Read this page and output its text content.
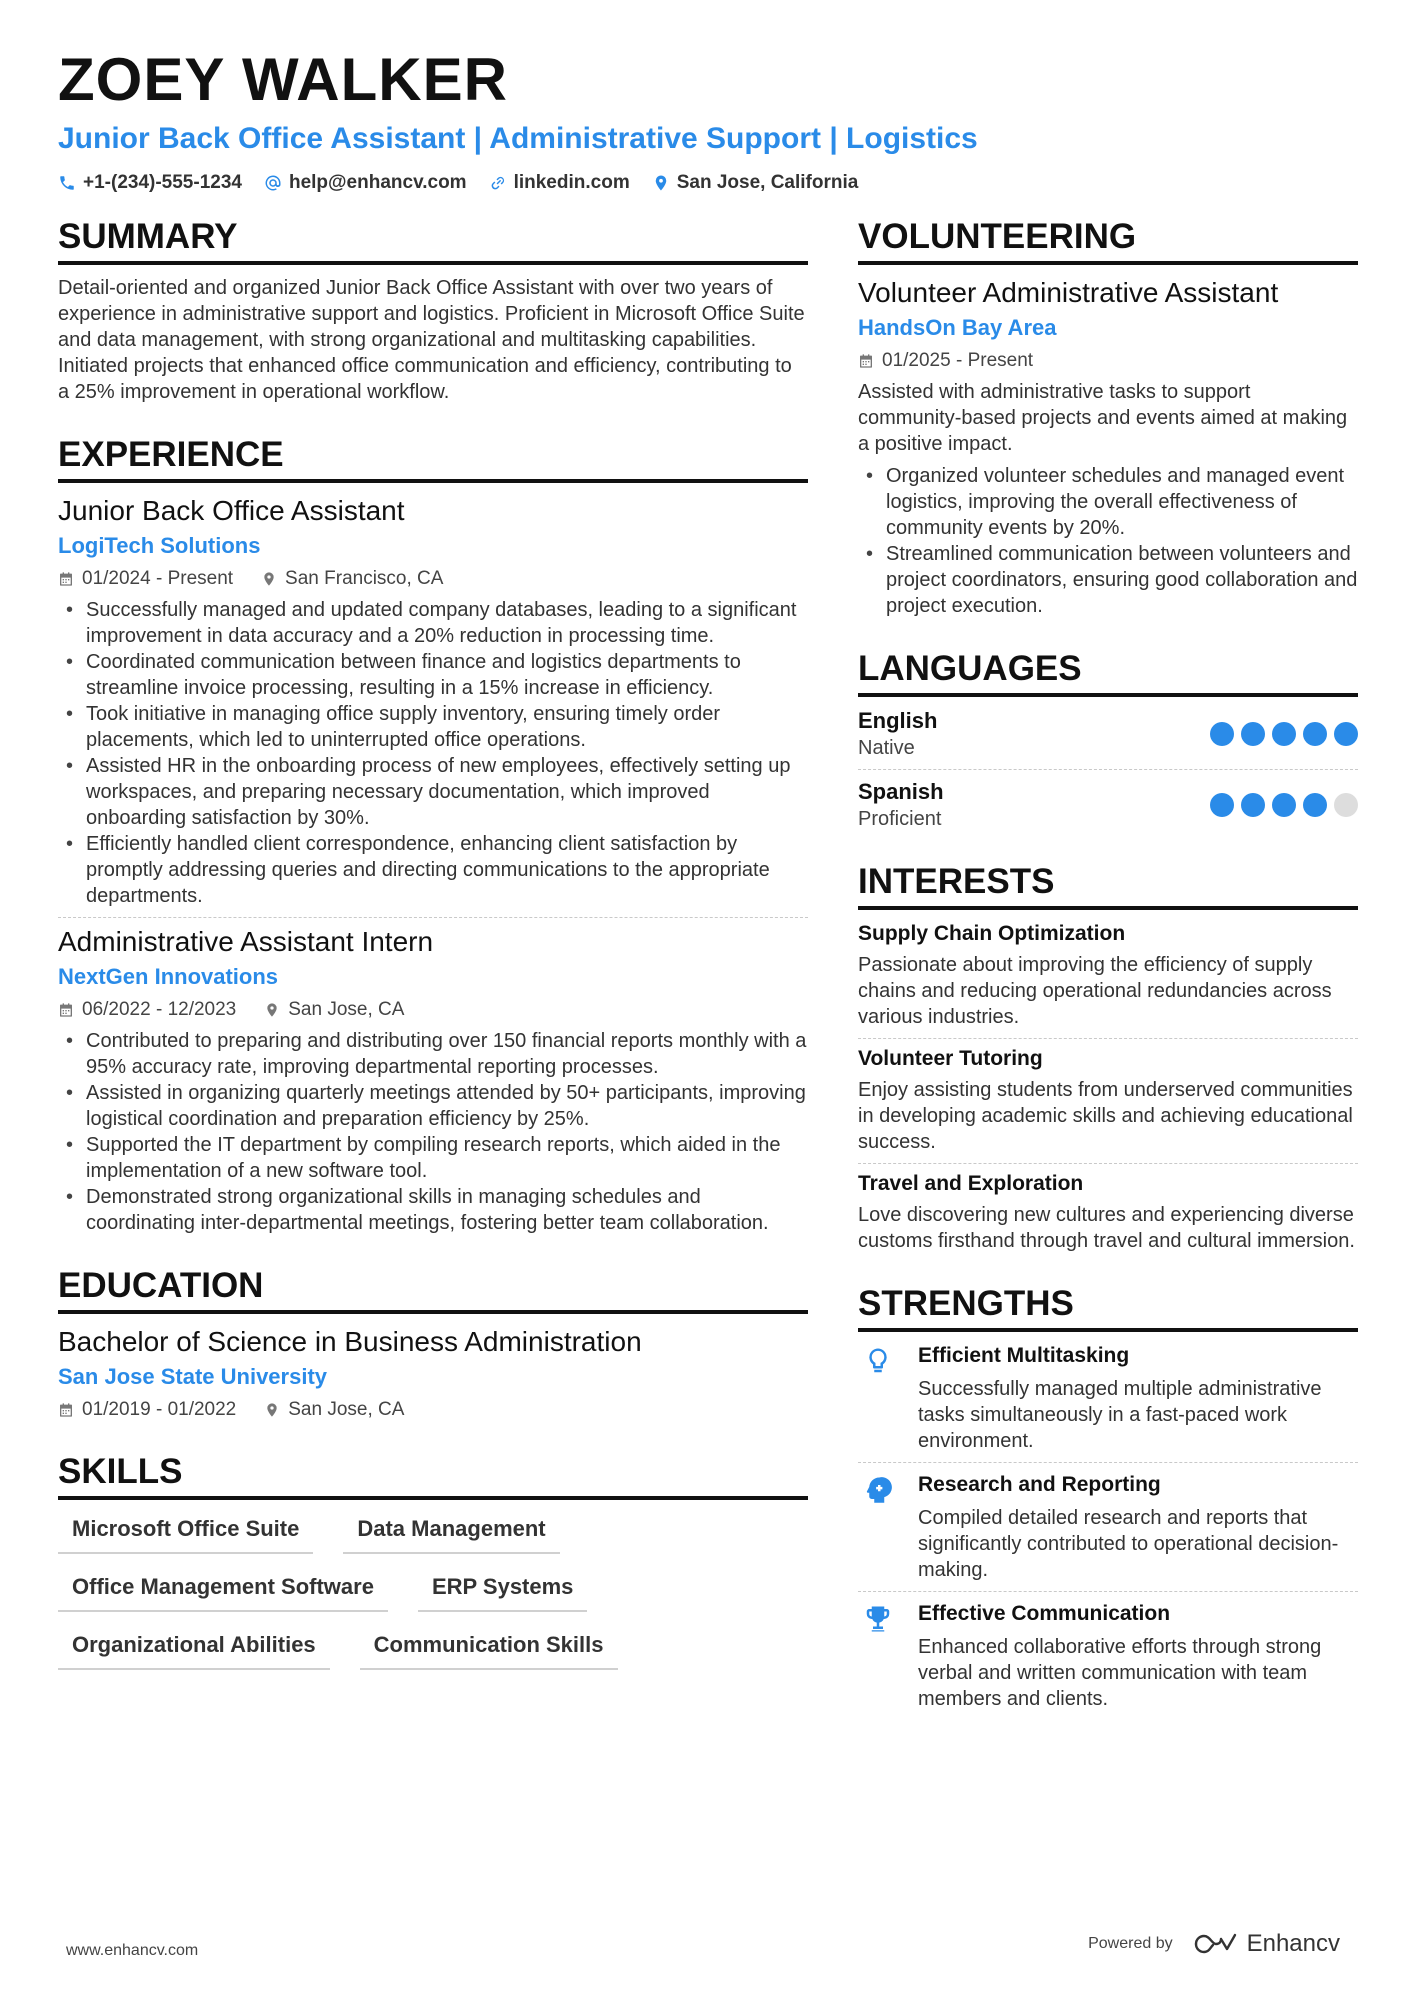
ZOEY WALKER
Junior Back Office Assistant | Administrative Support | Logistics
+1-(234)-555-1234 help@enhancv.com linkedin.com San Jose, California
SUMMARY
Detail-oriented and organized Junior Back Office Assistant with over two years of experience in administrative support and logistics. Proficient in Microsoft Office Suite and data management, with strong organizational and multitasking capabilities. Initiated projects that enhanced office communication and efficiency, contributing to a 25% improvement in operational workflow.
EXPERIENCE
Junior Back Office Assistant
LogiTech Solutions
01/2024 - Present	San Francisco, CA
• Successfully managed and updated company databases, leading to a significant improvement in data accuracy and a 20% reduction in processing time.
• Coordinated communication between finance and logistics departments to streamline invoice processing, resulting in a 15% increase in efficiency.
• Took initiative in managing office supply inventory, ensuring timely order placements, which led to uninterrupted office operations.
• Assisted HR in the onboarding process of new employees, effectively setting up workspaces, and preparing necessary documentation, which improved onboarding satisfaction by 30%.
• Efficiently handled client correspondence, enhancing client satisfaction by promptly addressing queries and directing communications to the appropriate departments.
Administrative Assistant Intern
NextGen Innovations
06/2022 - 12/2023	San Jose, CA
• Contributed to preparing and distributing over 150 financial reports monthly with a 95% accuracy rate, improving departmental reporting processes.
• Assisted in organizing quarterly meetings attended by 50+ participants, improving logistical coordination and preparation efficiency by 25%.
• Supported the IT department by compiling research reports, which aided in the implementation of a new software tool.
• Demonstrated strong organizational skills in managing schedules and coordinating inter-departmental meetings, fostering better team collaboration.
EDUCATION
Bachelor of Science in Business Administration
San Jose State University
01/2019 - 01/2022	San Jose, CA
SKILLS
Microsoft Office Suite	Data Management
Office Management Software	ERP Systems
Organizational Abilities	Communication Skills
VOLUNTEERING
Volunteer Administrative Assistant
HandsOn Bay Area
01/2025 - Present
Assisted with administrative tasks to support community-based projects and events aimed at making a positive impact.
• Organized volunteer schedules and managed event logistics, improving the overall effectiveness of community events by 20%.
• Streamlined communication between volunteers and project coordinators, ensuring good collaboration and project execution.
LANGUAGES
English
Native
Spanish
Proficient
INTERESTS
Supply Chain Optimization
Passionate about improving the efficiency of supply chains and reducing operational redundancies across various industries.
Volunteer Tutoring
Enjoy assisting students from underserved communities in developing academic skills and achieving educational success.
Travel and Exploration
Love discovering new cultures and experiencing diverse customs firsthand through travel and cultural immersion.
STRENGTHS
Efficient Multitasking
Successfully managed multiple administrative tasks simultaneously in a fast-paced work environment.
Research and Reporting
Compiled detailed research and reports that significantly contributed to operational decision-making.
Effective Communication
Enhanced collaborative efforts through strong verbal and written communication with team members and clients.
www.enhancv.com	Powered by	Enhancv
